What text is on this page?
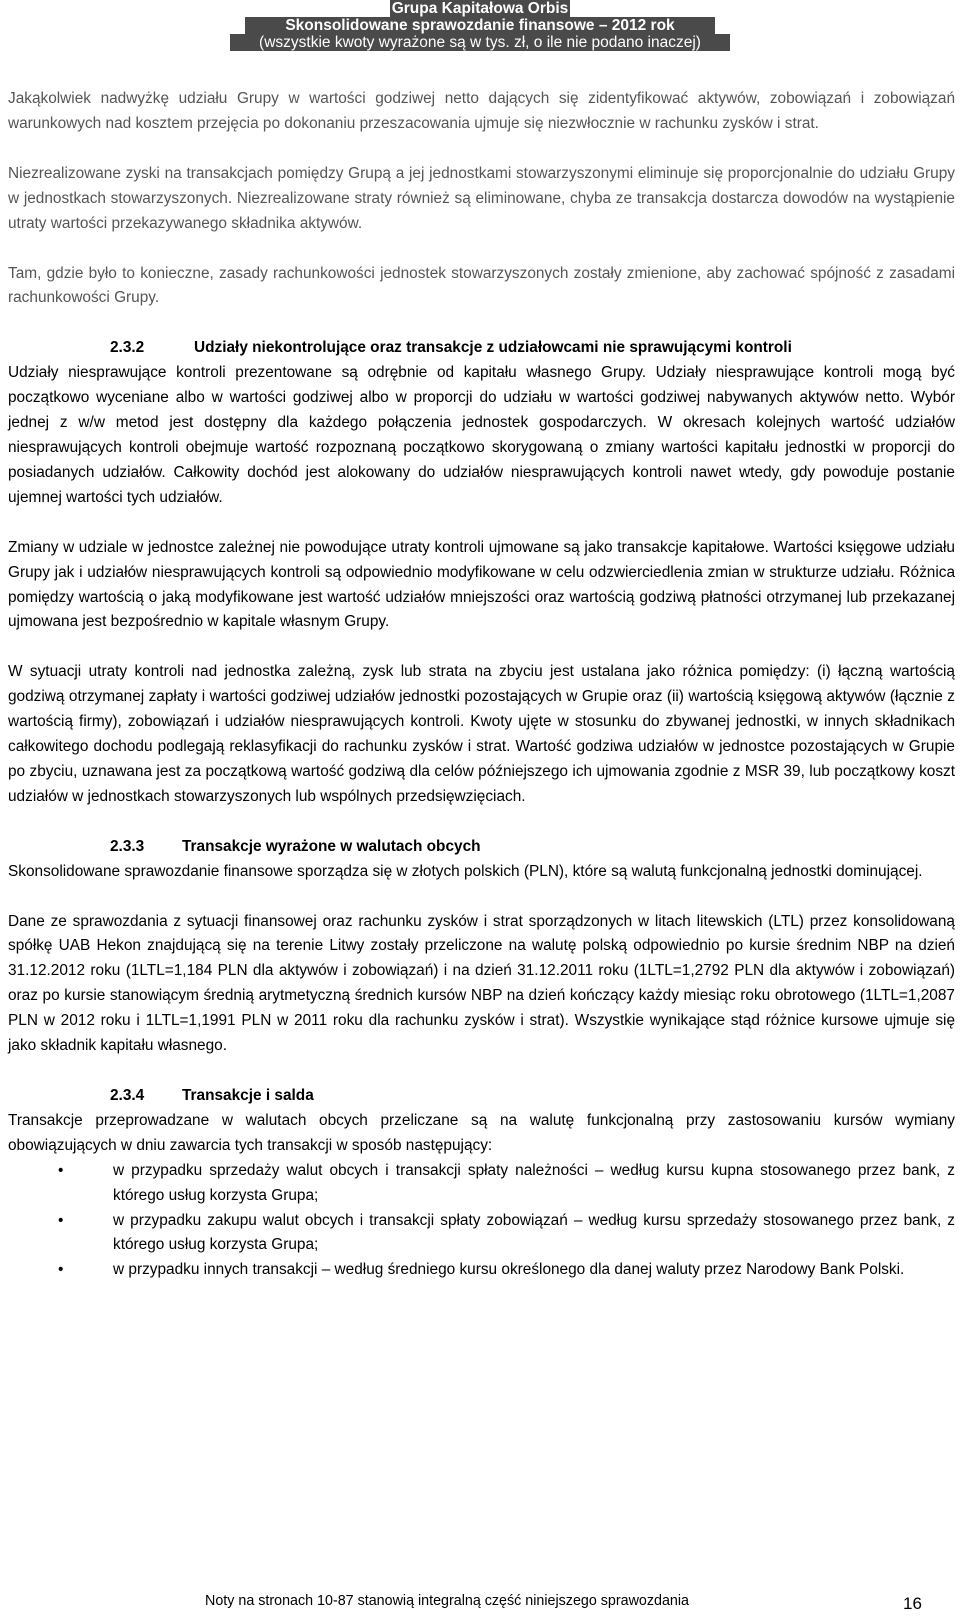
Grupa Kapitałowa Orbis
Skonsolidowane sprawozdanie finansowe – 2012 rok
(wszystkie kwoty wyrażone są w tys. zł, o ile nie podano inaczej)

Jakąkolwiek nadwyżkę udziału Grupy w wartości godziwej netto dających się zidentyfikować aktywów, zobowiązań i zobowiązań warunkowych nad kosztem przejęcia po dokonaniu przeszacowania ujmuje się niezwłocznie w rachunku zysków i strat.

Niezrealizowane zyski na transakcjach pomiędzy Grupą a jej jednostkami stowarzyszonymi eliminuje się proporcjonalnie do udziału Grupy w jednostkach stowarzyszonych. Niezrealizowane straty również są eliminowane, chyba ze transakcja dostarcza dowodów na wystąpienie utraty wartości przekazywanego składnika aktywów.

Tam, gdzie było to konieczne, zasady rachunkowości jednostek stowarzyszonych zostały zmienione, aby zachować spójność z zasadami rachunkowości Grupy.

2.3.2	Udziały niekontrolujące oraz transakcje z udziałowcami nie sprawującymi kontroli

Udziały niesprawujące kontroli prezentowane są odrębnie od kapitału własnego Grupy. Udziały niesprawujące kontroli mogą być początkowo wyceniane albo w wartości godziwej albo w proporcji do udziału w wartości godziwej nabywanych aktywów netto. Wybór jednej z w/w metod jest dostępny dla każdego połączenia jednostek gospodarczych. W okresach kolejnych wartość udziałów niesprawujących kontroli obejmuje wartość rozpoznaną początkowo skorygowaną o zmiany wartości kapitału jednostki w proporcji do posiadanych udziałów. Całkowity dochód jest alokowany do udziałów niesprawujących kontroli nawet wtedy, gdy powoduje postanie ujemnej wartości tych udziałów.

Zmiany w udziale w jednostce zależnej nie powodujące utraty kontroli ujmowane są jako transakcje kapitałowe. Wartości księgowe udziału Grupy jak i udziałów niesprawujących kontroli są odpowiednio modyfikowane w celu odzwierciedlenia zmian w strukturze udziału. Różnica pomiędzy wartością o jaką modyfikowane jest wartość udziałów mniejszości oraz wartością godziwą płatności otrzymanej lub przekazanej ujmowana jest bezpośrednio w kapitale własnym Grupy.

W sytuacji utraty kontroli nad jednostka zależną, zysk lub strata na zbyciu jest ustalana jako różnica pomiędzy: (i) łączną wartością godziwą otrzymanej zapłaty i wartości godziwej udziałów jednostki pozostających w Grupie oraz (ii) wartością księgową aktywów (łącznie z wartością firmy), zobowiązań i udziałów niesprawujących kontroli. Kwoty ujęte w stosunku do zbywanej jednostki, w innych składnikach całkowitego dochodu podlegają reklasyfikacji do rachunku zysków i strat. Wartość godziwa udziałów w jednostce pozostających w Grupie po zbyciu, uznawana jest za początkową wartość godziwą dla celów późniejszego ich ujmowania zgodnie z MSR 39, lub początkowy koszt udziałów w jednostkach stowarzyszonych lub wspólnych przedsięwzięciach.

2.3.3 Transakcje wyrażone w walutach obcych

Skonsolidowane sprawozdanie finansowe sporządza się w złotych polskich (PLN), które są walutą funkcjonalną jednostki dominującej.

Dane ze sprawozdania z sytuacji finansowej oraz rachunku zysków i strat sporządzonych w litach litewskich (LTL) przez konsolidowaną spółkę UAB Hekon znajdującą się na terenie Litwy zostały przeliczone na walutę polską odpowiednio po kursie średnim NBP na dzień 31.12.2012 roku (1LTL=1,184 PLN dla aktywów i zobowiązań) i na dzień 31.12.2011 roku (1LTL=1,2792 PLN dla aktywów i zobowiązań) oraz po kursie stanowiącym średnią arytmetyczną średnich kursów NBP na dzień kończący każdy miesiąc roku obrotowego (1LTL=1,2087 PLN w 2012 roku i 1LTL=1,1991 PLN w 2011 roku dla rachunku zysków i strat). Wszystkie wynikające stąd różnice kursowe ujmuje się jako składnik kapitału własnego.

2.3.4 Transakcje i salda

Transakcje przeprowadzane w walutach obcych przeliczane są na walutę funkcjonalną przy zastosowaniu kursów wymiany obowiązujących w dniu zawarcia tych transakcji w sposób następujący:

•	w przypadku sprzedaży walut obcych i transakcji spłaty należności – według kursu kupna stosowanego przez bank, z którego usług korzysta Grupa;
•	w przypadku zakupu walut obcych i transakcji spłaty zobowiązań – według kursu sprzedaży stosowanego przez bank, z którego usług korzysta Grupa;
•	w przypadku innych transakcji – według średniego kursu określonego dla danej waluty przez Narodowy Bank Polski.
Noty na stronach 10-87 stanowią integralną część niniejszego sprawozdania	16
